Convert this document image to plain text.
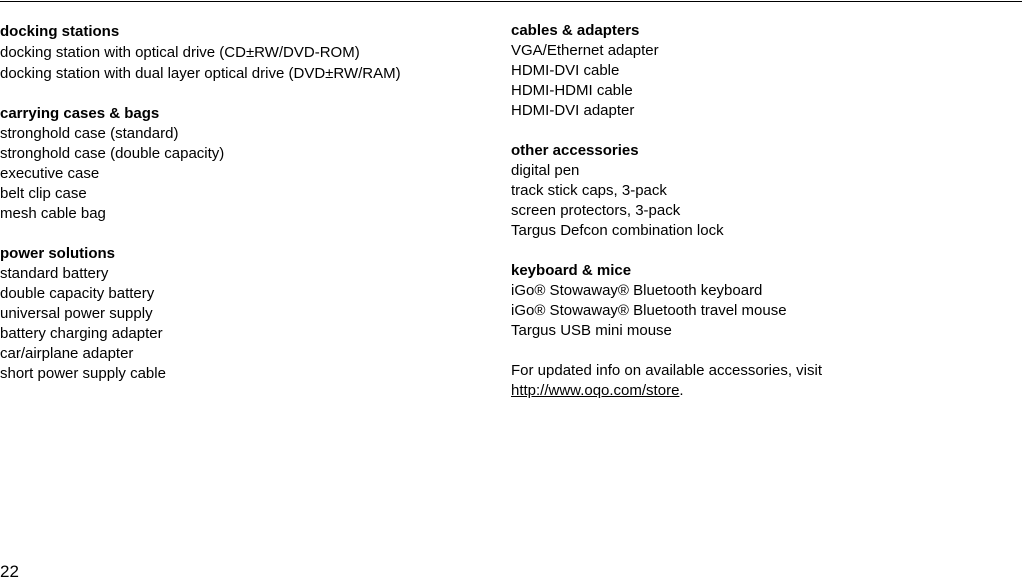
docking stations
docking station with optical drive (CD±RW/DVD-ROM)
docking station with dual layer optical drive (DVD±RW/RAM)
carrying cases & bags
stronghold case (standard)
stronghold case (double capacity)
executive case
belt clip case
mesh cable bag
power solutions
standard battery
double capacity battery
universal power supply
battery charging adapter
car/airplane adapter
short power supply cable
cables & adapters
VGA/Ethernet adapter
HDMI-DVI cable
HDMI-HDMI cable
HDMI-DVI adapter
other accessories
digital pen
track stick caps, 3-pack
screen protectors, 3-pack
Targus Defcon combination lock
keyboard & mice
iGo® Stowaway® Bluetooth keyboard
iGo® Stowaway® Bluetooth travel mouse
Targus USB mini mouse

For updated info on available accessories, visit
http://www.oqo.com/store.

22
